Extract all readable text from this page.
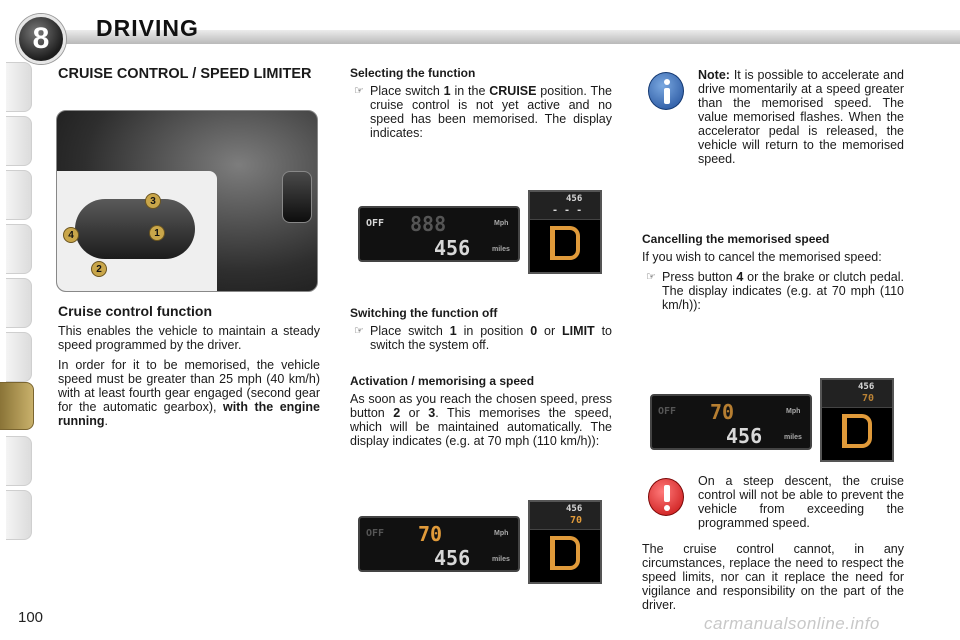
8	DRIVING
CRUISE CONTROL / SPEED LIMITER
3
4	1
2
Cruise control function

This enables the vehicle to maintain a steady speed programmed by the driver.

In order for it to be memorised, the vehicle speed must be greater than 25 mph (40 km/h) with at least fourth gear engaged (second gear for the automatic gearbox), with the engine running.

Selecting the function
☞ Place switch 1 in the CRUISE position. The cruise control is not yet active and no speed has been memorised. The display indicates:
OFF 888
456
Mph
miles
456
- - -
Switching the function off
☞ Place switch 1 in position 0 or LIMIT to switch the system off.
Activation / memorising a speed

As soon as you reach the chosen speed, press button 2 or 3. This memorises the speed, which will be maintained automatically. The display indicates (e.g. at 70 mph (110 km/h)):

OFF 70
456
Mph
miles
456
70

Note: It is possible to accelerate and drive momentarily at a speed greater than the memorised speed. The value memorised flashes. When the accelerator pedal is released, the vehicle will return to the memorised speed.

Cancelling the memorised speed

If you wish to cancel the memorised speed:

☞ Press button 4 or the brake or clutch pedal. The display indicates (e.g. at 70 mph (110 km/h)):
OFF 70
456
Mph
miles
456
70

On a steep descent, the cruise control will not be able to prevent the vehicle from exceeding the programmed speed.

The cruise control cannot, in any circumstances, replace the need to respect the speed limits, nor can it replace the need for vigilance and responsibility on the part of the driver.

100	carmanualsonline.info
